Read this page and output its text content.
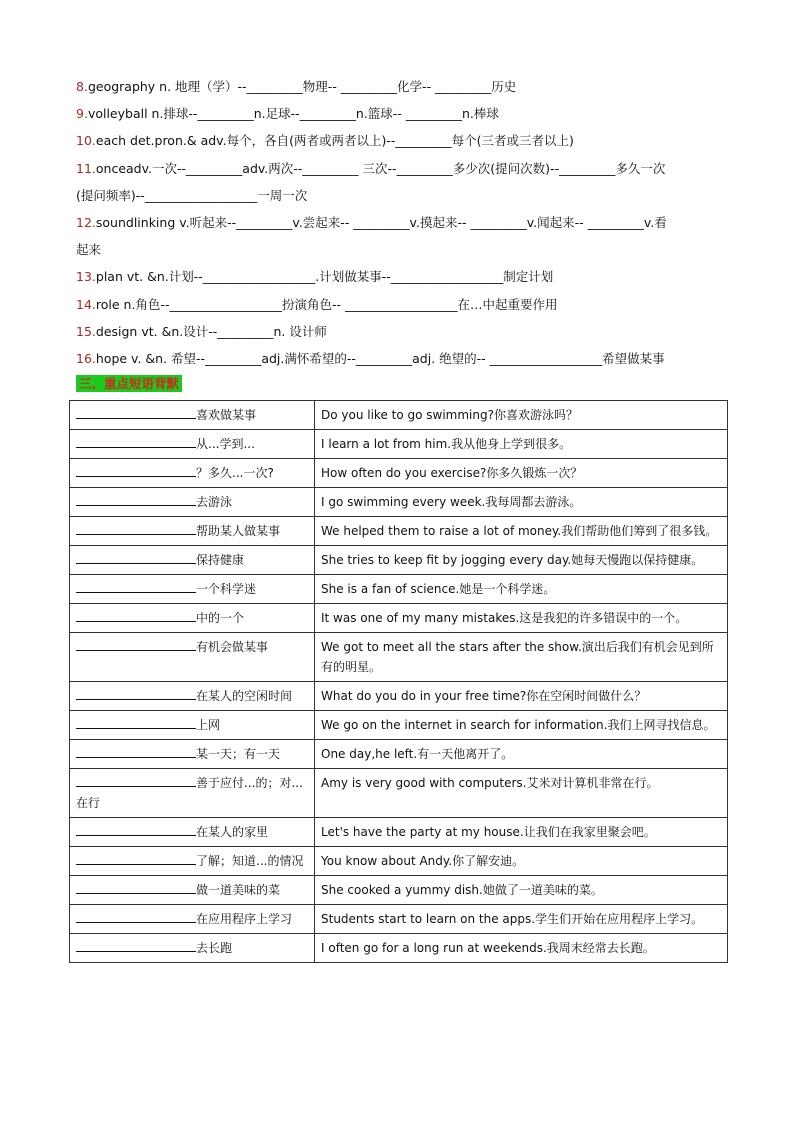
8.geography n. 地理（学）--_________物理-- _________化学-- _________历史
9.volleyball n.排球--_________n.足球--_________n.篮球-- _________n.棒球
10.each det.pron.& adv.每个，各自(两者或两者以上)--_________每个(三者或三者以上)
11.onceadv.一次--_________adv.两次--_________ 三次--_________多少次(提问次数)--_________多久一次
(提问频率)--__________________一周一次
12.soundlinking v.听起来--_________v.尝起来-- _________v.摸起来-- _________v.闻起来-- _________v.看
起来
13.plan vt. &n.计划--__________________.计划做某事--__________________制定计划
14.role n.角色--__________________扮演角色-- __________________在…中起重要作用
15.design vt. &n.设计--_________n. 设计师
16.hope v. &n. 希望--_________adj.满怀希望的--_________adj. 绝望的-- __________________希望做某事
三、重点短语背默
喜欢做某事	Do you like to go swimming?你喜欢游泳吗？
从...学到...	I learn a lot from him.我从他身上学到很多。
？多久...一次?	How often do you exercise?你多久锻炼一次？
去游泳	I go swimming every week.我每周都去游泳。
帮助某人做某事	We helped them to raise a lot of money.我们帮助他们筹到了很多钱。
保持健康	She tries to keep fit by jogging every day.她每天慢跑以保持健康。
一个科学迷	She is a fan of science.她是一个科学迷。
中的一个	It was one of my many mistakes.这是我犯的许多错误中的一个。
有机会做某事	We got to meet all the stars after the show.演出后我们有机会见到所有的明星。
在某人的空闲时间	What do you do in your free time?你在空闲时间做什么？
上网	We go on the internet in search for information.我们上网寻找信息。
某一天；有一天	One day,he left.有一天他离开了。
善于应付...的；对...在行	Amy is very good with computers.艾米对计算机非常在行。
在某人的家里	Let's have the party at my house.让我们在我家里聚会吧。
了解；知道...的情况	You know about Andy.你了解安迪。
做一道美味的菜	She cooked a yummy dish.她做了一道美味的菜。
在应用程序上学习	Students start to learn on the apps.学生们开始在应用程序上学习。
去长跑	I often go for a long run at weekends.我周末经常去长跑。
